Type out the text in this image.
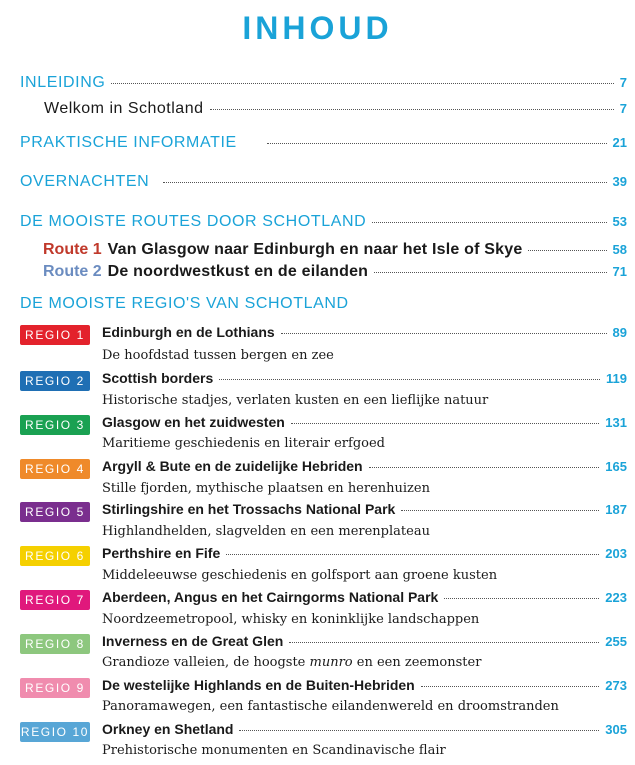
INHOUD
INLEIDING	7
Welkom in Schotland	7
PRAKTISCHE INFORMATIE	21
OVERNACHTEN	39
DE MOOISTE ROUTES DOOR SCHOTLAND	53
Route 1 Van Glasgow naar Edinburgh en naar het Isle of Skye	58
Route 2 De noordwestkust en de eilanden	71
DE MOOISTE REGIO'S VAN SCHOTLAND
REGIO 1	Edinburgh en de Lothians	89
De hoofdstad tussen bergen en zee
REGIO 2	Scottish borders	119
Historische stadjes, verlaten kusten en een lieflijke natuur
REGIO 3	Glasgow en het zuidwesten	131
Maritieme geschiedenis en literair erfgoed
REGIO 4	Argyll & Bute en de zuidelijke Hebriden	165
Stille fjorden, mythische plaatsen en herenhuizen
REGIO 5	Stirlingshire en het Trossachs National Park	187
Highlandhelden, slagvelden en een merenplateau
REGIO 6	Perthshire en Fife	203
Middeleeuwse geschiedenis en golfsport aan groene kusten
REGIO 7	Aberdeen, Angus en het Cairngorms National Park	223
Noordzeemetropool, whisky en koninklijke landschappen
REGIO 8	Inverness en de Great Glen	255
Grandioze valleien, de hoogste munro en een zeemonster
REGIO 9	De westelijke Highlands en de Buiten-Hebriden	273
Panoramawegen, een fantastische eilandenwereld en droomstranden
REGIO 10 Orkney en Shetland	305
Prehistorische monumenten en Scandinavische flair
